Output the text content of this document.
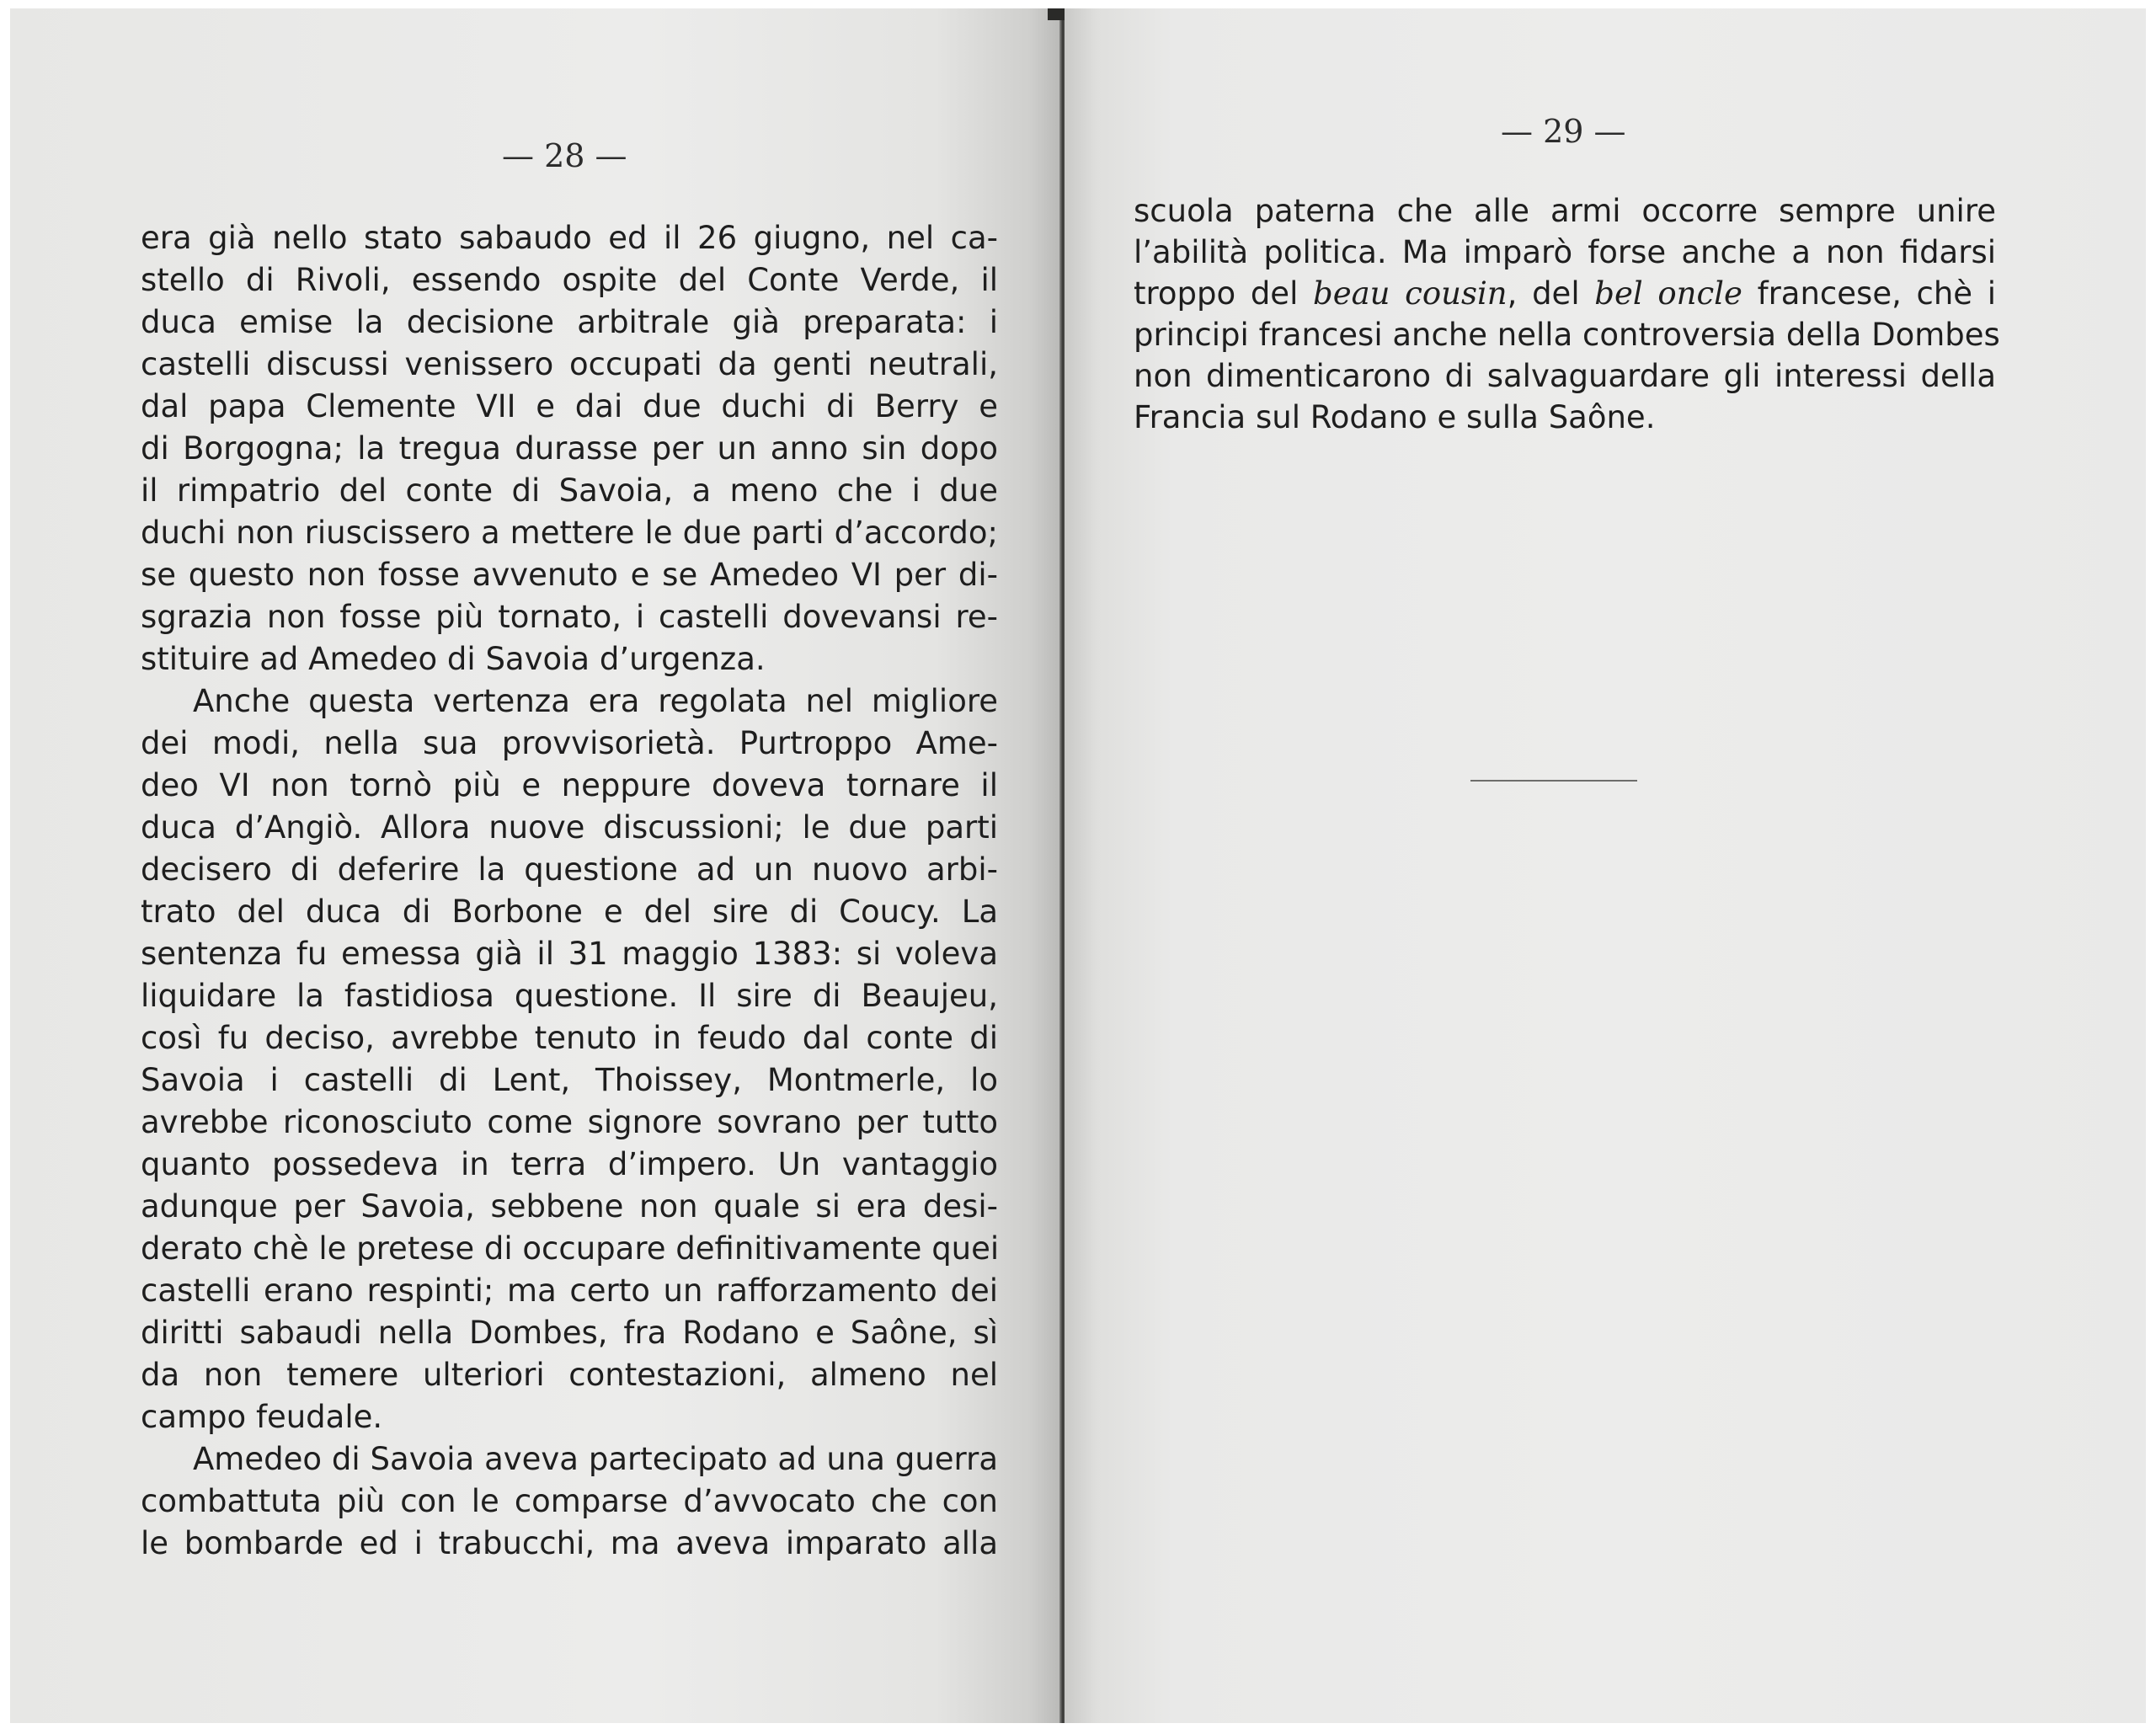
— 28 —
era già nello stato sabaudo ed il 26 giugno, nel ca-
stello di Rivoli, essendo ospite del Conte Verde, il
duca emise la decisione arbitrale già preparata: i
castelli discussi venissero occupati da genti neutrali,
dal papa Clemente VII e dai due duchi di Berry e
di Borgogna; la tregua durasse per un anno sin dopo
il rimpatrio del conte di Savoia, a meno che i due
duchi non riuscissero a mettere le due parti d’accordo;
se questo non fosse avvenuto e se Amedeo VI per di-
sgrazia non fosse più tornato, i castelli dovevansi re-
stituire ad Amedeo di Savoia d’urgenza.
Anche questa vertenza era regolata nel migliore
dei modi, nella sua provvisorietà. Purtroppo Ame-
deo VI non tornò più e neppure doveva tornare il
duca d’Angiò. Allora nuove discussioni; le due parti
decisero di deferire la questione ad un nuovo arbi-
trato del duca di Borbone e del sire di Coucy. La
sentenza fu emessa già il 31 maggio 1383: si voleva
liquidare la fastidiosa questione. Il sire di Beaujeu,
così fu deciso, avrebbe tenuto in feudo dal conte di
Savoia i castelli di Lent, Thoissey, Montmerle, lo
avrebbe riconosciuto come signore sovrano per tutto
quanto possedeva in terra d’impero. Un vantaggio
adunque per Savoia, sebbene non quale si era desi-
derato chè le pretese di occupare definitivamente quei
castelli erano respinti; ma certo un rafforzamento dei
diritti sabaudi nella Dombes, fra Rodano e Saône, sì
da non temere ulteriori contestazioni, almeno nel
campo feudale.
Amedeo di Savoia aveva partecipato ad una guerra
combattuta più con le comparse d’avvocato che con
le bombarde ed i trabucchi, ma aveva imparato alla
— 29 —
scuola paterna che alle armi occorre sempre unire
l’abilità politica. Ma imparò forse anche a non fidarsi
troppo del beau cousin, del bel oncle francese, chè i
principi francesi anche nella controversia della Dombes
non dimenticarono di salvaguardare gli interessi della
Francia sul Rodano e sulla Saône.
